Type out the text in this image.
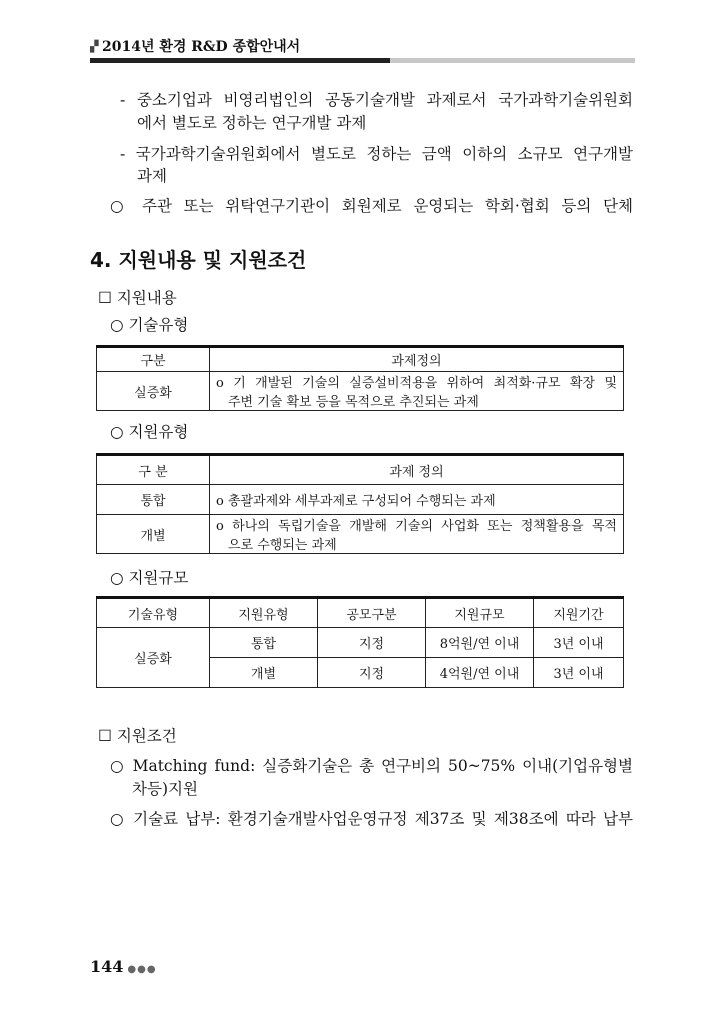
▞ 2014년 환경 R&D 종합안내서
- 중소기업과 비영리법인의 공동기술개발 과제로서 국가과학기술위원회
에서 별도로 정하는 연구개발 과제
- 국가과학기술위원회에서 별도로 정하는 금액 이하의 소규모 연구개발
과제
○ 주관 또는 위탁연구기관이 회원제로 운영되는 학회·협회 등의 단체
4. 지원내용 및 지원조건
☐ 지원내용
○ 기술유형
구분	과제정의
실증화	o 기 개발된 기술의 실증설비적용을 위하여 최적화·규모 확장 및
주변 기술 확보 등을 목적으로 추진되는 과제
○ 지원유형
구 분	과제 정의
통합	o 총괄과제와 세부과제로 구성되어 수행되는 과제
개별	o 하나의 독립기술을 개발해 기술의 사업화 또는 정책활용을 목적
으로 수행되는 과제
○ 지원규모
기술유형	지원유형	공모구분	지원규모	지원기간
실증화	통합	지정	8억원/연 이내	3년 이내
	개별	지정	4억원/연 이내	3년 이내
☐ 지원조건
○ Matching fund: 실증화기술은 총 연구비의 50~75% 이내(기업유형별
차등)지원
○ 기술료 납부: 환경기술개발사업운영규정 제37조 및 제38조에 따라 납부
144 ●●●
